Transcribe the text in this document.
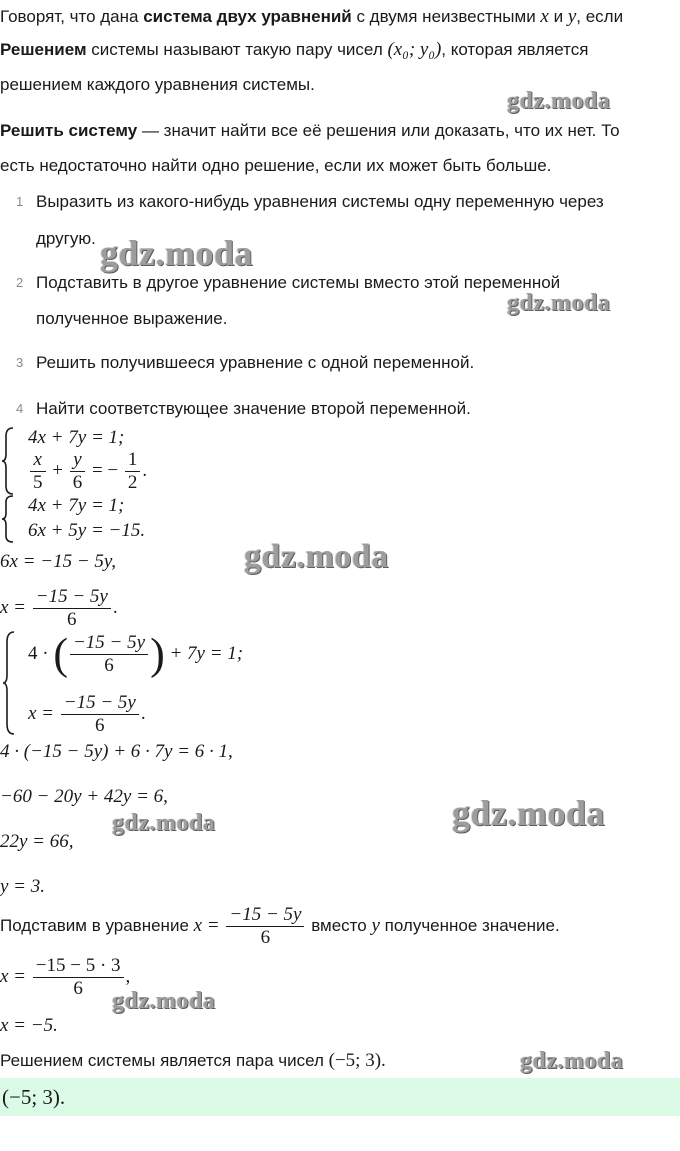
Говорят, что дана система двух уравнений с двумя неизвестными x и y, если
Решением системы называют такую пару чисел (x₀; y₀), которая является
решением каждого уравнения системы.
Решить систему — значит найти все её решения или доказать, что их нет. То
есть недостаточно найти одно решение, если их может быть больше.
1 Выразить из какого-нибудь уравнения системы одну переменную через
другую.
2 Подставить в другое уравнение системы вместо этой переменной
полученное выражение.
3 Решить получившееся уравнение с одной переменной.
4 Найти соответствующее значение второй переменной.
4x + 7y = 1;
$\frac{x}{5} + \frac{y}{6}$ = − $\frac{1}{2}$ .
4x + 7y = 1;
6x + 5y = −15.
6x = −15 − 5y,
$x = \frac{-15 - 5y}{6}$ .
4 · ( $\frac{-15 - 5y}{6}$ ) + 7y = 1;
$x = \frac{-15 - 5y}{6}$ .
4 · (−15 − 5y) + 6 · 7y = 6 · 1,
−60 − 20y + 42y = 6,
22y = 66,
y = 3.
Подставим в уравнение $x = \frac{-15 - 5y}{6}$ вместо y полученное значение.
$x = \frac{-15 - 5 \cdot 3}{6}$ ,
x = −5.
Решением системы является пара чисел (−5; 3).
(−5; 3).
gdz.moda
gdz.moda
gdz.moda
gdz.moda
gdz.moda
gdz.moda
gdz.moda
gdz.moda
